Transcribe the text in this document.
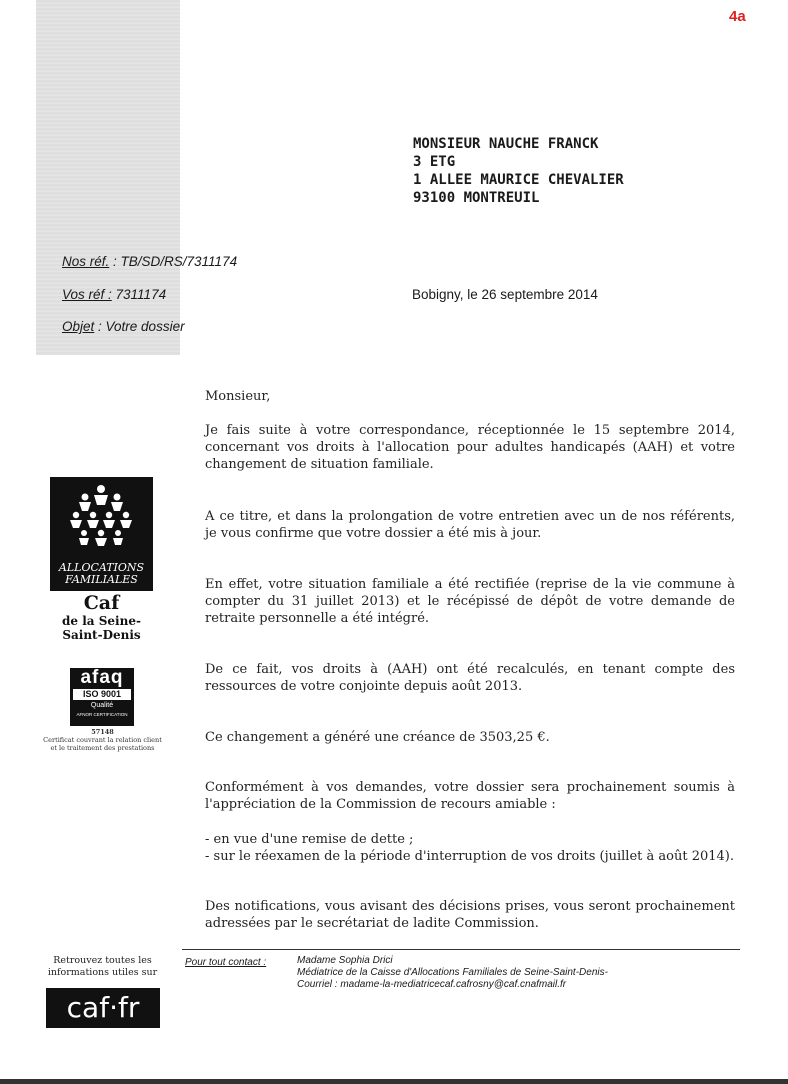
4a
MONSIEUR NAUCHE FRANCK
3 ETG
1 ALLEE MAURICE CHEVALIER
93100 MONTREUIL
Nos réf. : TB/SD/RS/7311174
Vos réf : 7311174
Objet : Votre dossier
Bobigny, le 26 septembre 2014
Monsieur,
Je fais suite à votre correspondance, réceptionnée le 15 septembre 2014, concernant vos droits à l'allocation pour adultes handicapés (AAH) et votre changement de situation familiale.
A ce titre, et dans la prolongation de votre entretien avec un de nos référents, je vous confirme que votre dossier a été mis à jour.
En effet, votre situation familiale a été rectifiée (reprise de la vie commune à compter du 31 juillet 2013) et le récépissé de dépôt de votre demande de retraite personnelle a été intégré.
De ce fait, vos droits à (AAH) ont été recalculés, en tenant compte des ressources de votre conjointe depuis août 2013.
Ce changement a généré une créance de 3503,25 €.
Conformément à vos demandes, votre dossier sera prochainement soumis à l'appréciation de la Commission de recours amiable :
- en vue d'une remise de dette ;
- sur le réexamen de la période d'interruption de vos droits (juillet à août 2014).
Des notifications, vous avisant des décisions prises, vous seront prochainement adressées par le secrétariat de ladite Commission.
ALLOCATIONS
FAMILIALES
Caf
de la Seine-
Saint-Denis
afaq
ISO 9001
Qualité
AFNOR CERTIFICATION
57148
Certificat couvrant la relation client
et le traitement des prestations
Retrouvez toutes les
informations utiles sur
caf·fr
Pour tout contact :	Madame Sophia Drici
Médiatrice de la Caisse d'Allocations Familiales de Seine-Saint-Denis-
Courriel : madame-la-mediatricecaf.cafrosny@caf.cnafmail.fr
